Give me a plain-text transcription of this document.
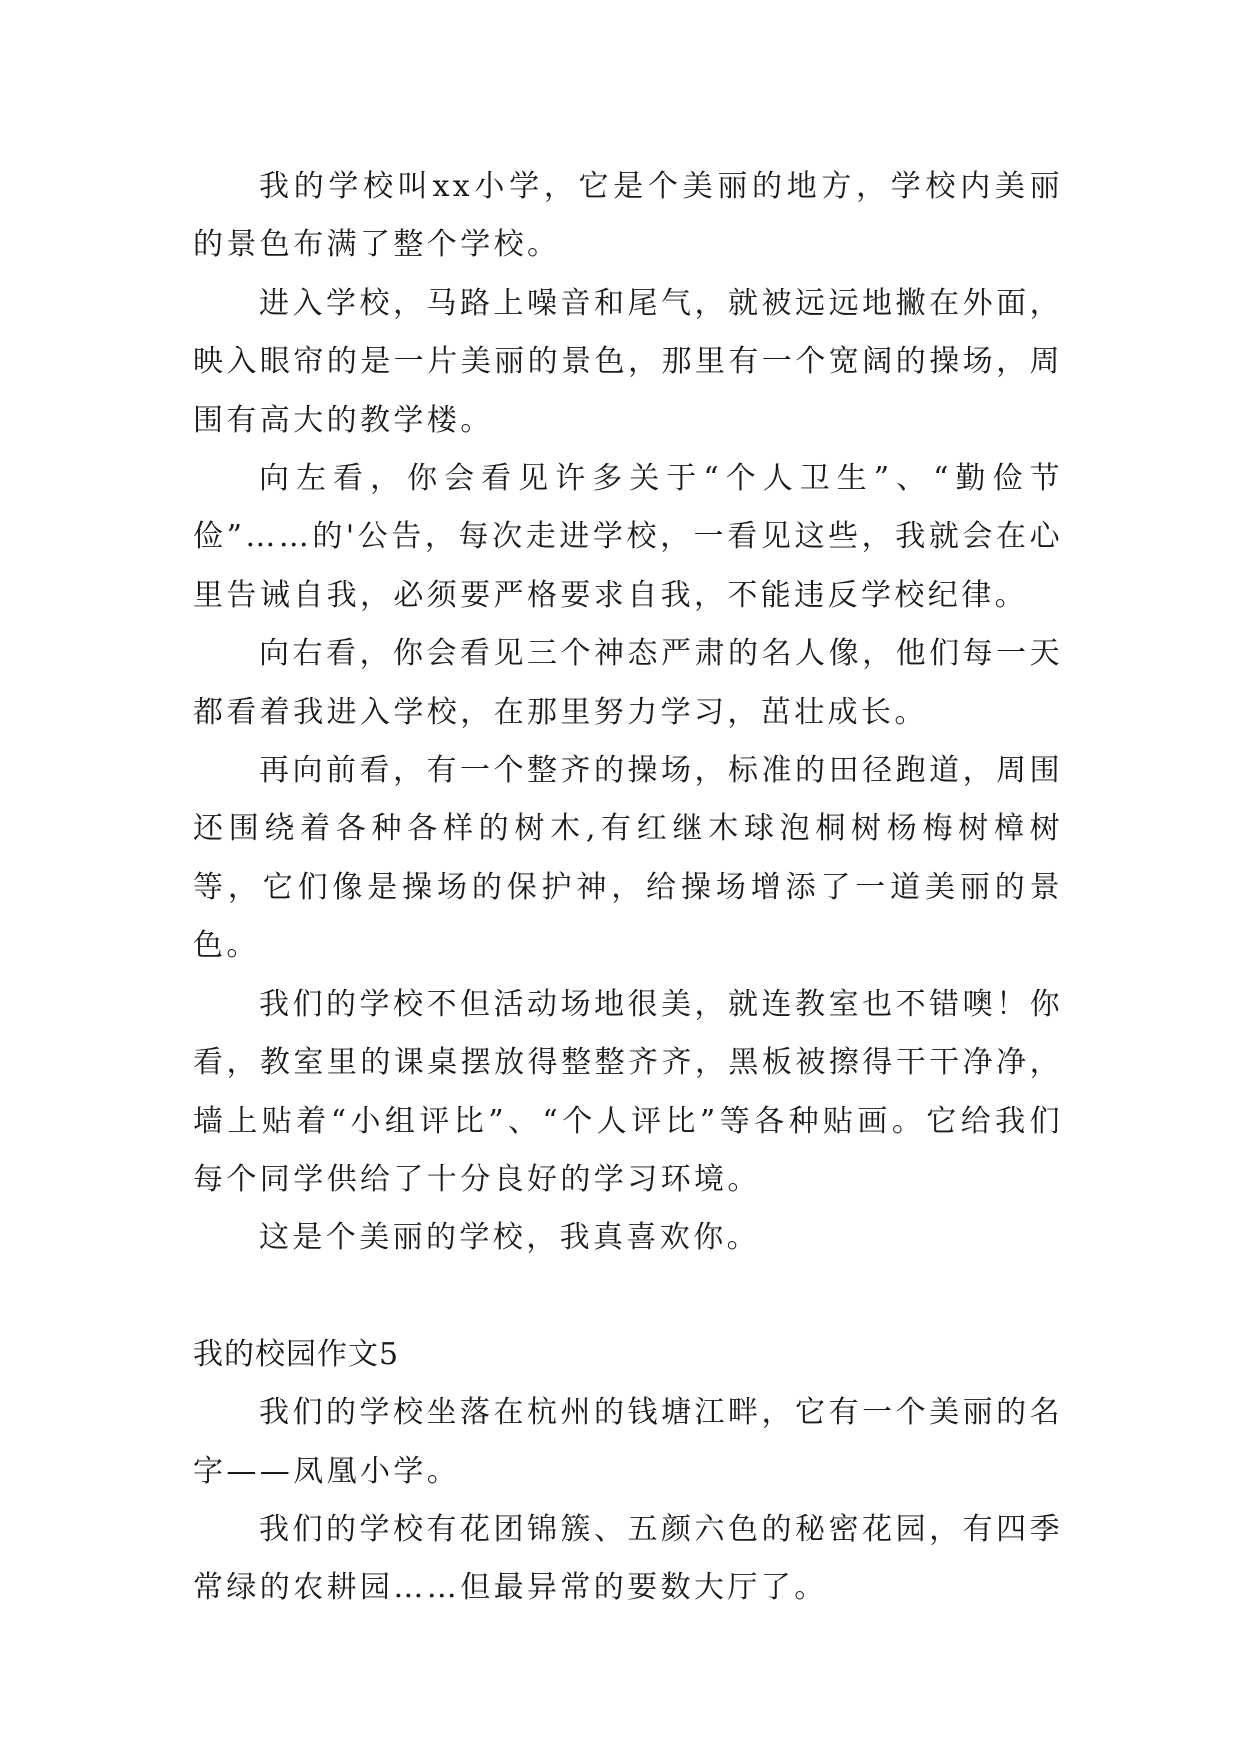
我的学校叫xx小学，它是个美丽的地方，学校内美丽的景色布满了整个学校。

进入学校，马路上噪音和尾气，就被远远地撇在外面，映入眼帘的是一片美丽的景色，那里有一个宽阔的操场，周围有高大的教学楼。

向左看，你会看见许多关于“个人卫生”、“勤俭节俭”……的'公告，每次走进学校，一看见这些，我就会在心里告诫自我，必须要严格要求自我，不能违反学校纪律。

向右看，你会看见三个神态严肃的名人像，他们每一天都看着我进入学校，在那里努力学习，茁壮成长。

再向前看，有一个整齐的操场，标准的田径跑道，周围还围绕着各种各样的树木,有红继木球泡桐树杨梅树樟树等，它们像是操场的保护神，给操场增添了一道美丽的景色。

我们的学校不但活动场地很美，就连教室也不错噢！你看，教室里的课桌摆放得整整齐齐，黑板被擦得干干净净，墙上贴着“小组评比”、“个人评比”等各种贴画。它给我们每个同学供给了十分良好的学习环境。

这是个美丽的学校，我真喜欢你。

我的校园作文5

我们的学校坐落在杭州的钱塘江畔，它有一个美丽的名字——凤凰小学。

我们的学校有花团锦簇、五颜六色的秘密花园，有四季常绿的农耕园……但最异常的要数大厅了。
